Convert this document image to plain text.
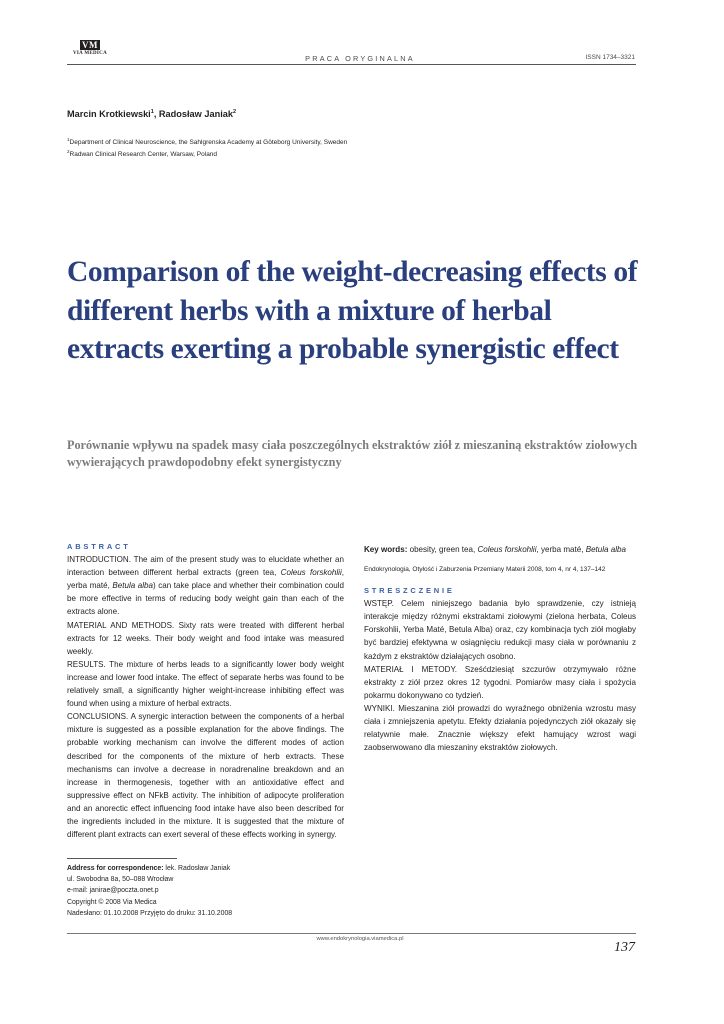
VM
VIA MEDICA
PRACA ORYGINALNA	ISSN 1734–3321
Marcin Krotkiewski$^1$, Radosław Janiak$^2$
$^1$Department of Clinical Neuroscience, the Sahlgrenska Academy at Göteborg University, Sweden
$^2$Radwan Clinical Research Center, Warsaw, Poland
Comparison of the weight-decreasing effects of different herbs with a mixture of herbal extracts exerting a probable synergistic effect
Porównanie wpływu na spadek masy ciała poszczególnych ekstraktów ziół z mieszaniną ekstraktów ziołowych wywierających prawdopodobny efekt synergistyczny

ABSTRACT

INTRODUCTION. The aim of the present study was to elucidate whether an interaction between different herbal extracts (green tea, Coleus forskohlii, yerba maté, Betula alba) can take place and whether their combination could be more effective in terms of reducing body weight gain than each of the extracts alone.

MATERIAL AND METHODS. Sixty rats were treated with different herbal extracts for 12 weeks. Their body weight and food intake was measured weekly.

RESULTS. The mixture of herbs leads to a significantly lower body weight increase and lower food intake. The effect of separate herbs was found to be relatively small, a significantly higher weight-increase inhibiting effect was found when using a mixture of herbal extracts.

CONCLUSIONS. A synergic interaction between the components of a herbal mixture is suggested as a possible explanation for the above findings. The probable working mechanism can involve the different modes of action described for the components of the mixture of herb extracts. These mechanisms can involve a decrease in noradrenaline breakdown and an increase in thermogenesis, together with an antioxidative effect and suppressive effect on NFkB activity. The inhibition of adipocyte proliferation and an anorectic effect influencing food intake have also been described for the ingredients included in the mixture. It is suggested that the mixture of different plant extracts can exert several of these effects working in synergy.

Key words: obesity, green tea, Coleus forskohlii, yerba maté, Betula alba

Endokrynologia, Otyłość i Zaburzenia Przemiany Materii 2008, tom 4, nr 4, 137–142

STRESZCZENIE

WSTĘP. Celem niniejszego badania było sprawdzenie, czy istnieją interakcje między różnymi ekstraktami ziołowymi (zielona herbata, Coleus Forskohlii, Yerba Maté, Betula Alba) oraz, czy kombinacja tych ziół mogłaby być bardziej efektywna w osiągnięciu redukcji masy ciała w porównaniu z każdym z ekstraktów działających osobno.

MATERIAŁ I METODY. Sześćdziesiąt szczurów otrzymywało różne ekstrakty z ziół przez okres 12 tygodni. Pomiarów masy ciała i spożycia pokarmu dokonywano co tydzień.

WYNIKI. Mieszanina ziół prowadzi do wyraźnego obniżenia wzrostu masy ciała i zmniejszenia apetytu. Efekty działania pojedynczych ziół okazały się relatywnie małe. Znacznie większy efekt hamujący wzrost wagi zaobserwowano dla mieszaniny ekstraktów ziołowych.

Address for correspondence: lek. Radosław Janiak
ul. Swobodna 8a, 50–088 Wrocław
e-mail: janirae@poczta.onet.p
Copyright © 2008 Via Medica
Nadesłano: 01.10.2008 Przyjęto do druku: 31.10.2008
www.endokrynologia.viamedica.pl
137
